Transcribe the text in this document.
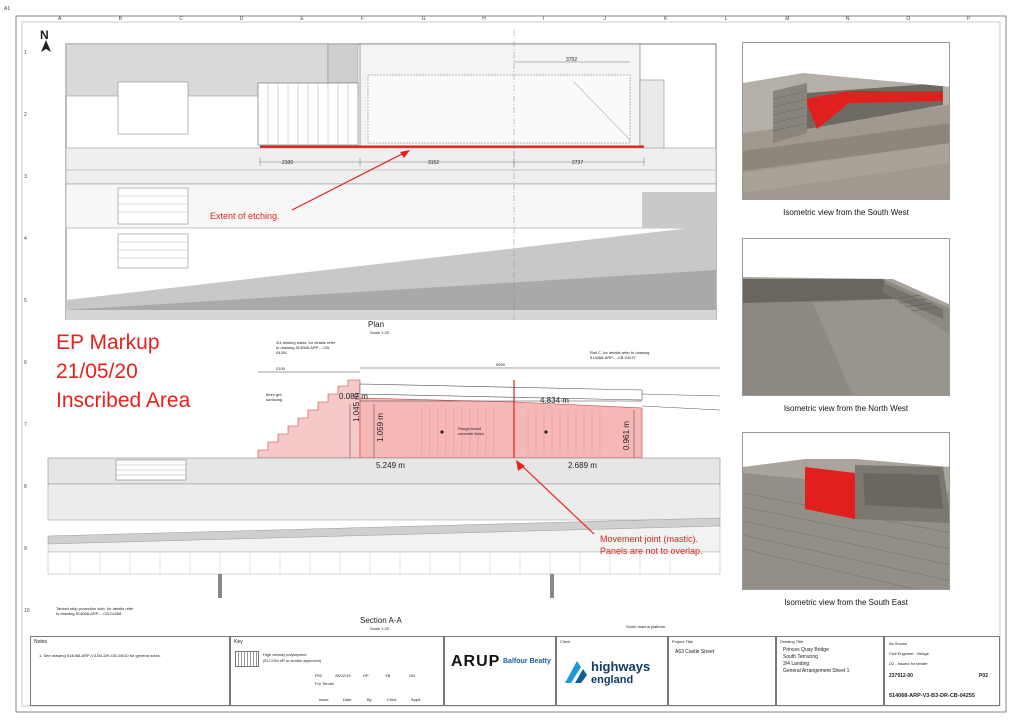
A1
A	B	C	D	E	F	G	H	I	J	K	L	M	N	O	P
1
2
3
4
5
6
7
8
9
10
N
2100	3152	2737
3752
Extent of etching.
Plan
Scale 1:25
EP Markup
21/05/20
Inscribed Area	0.087 m	4.834 m
1.045 m
1.059 m	0.961 m
5.249 m	2.689 m
3/4 landing stairs, for details refer to drawing 514068-ARP-..-CB-04261	Rail C, for details refer to drawing 514068-ARP-..-CB-04237
6mm grit surfacing
Rough board concrete finish
Tanked strip protection slab, for details refer to drawing 514068-ARP-..-CB-04268
South marina platform
2100
5909
Movement joint (mastic).
Panels are not to overlap.
Section A-A
Scale 1:25
Isometric view from the South West
Isometric view from the North West
Isometric view from the South East
Notes
1. See drawing 514068-ARP-V3-B3-DR-CB-04010 for general notes.
Key
High density polystyrene
(ELCOM eR or similar approved)
P02	28/02/19	DP	YB	GN
For Tender
Issue	Date	By	Chkd	Appd
ARUP Balfour Beatty
Client
highways
england
Project Title
A63 Castle Street
Drawing Title
Princes Quay Bridge
South Terracing
3/4 Landing
General Arrangement Sheet 1
As Shown
Civil Engineer - Bridge
D2 - Issued for tender
237912-00	P02
514068-ARP-V3-B3-DR-CB-04255
